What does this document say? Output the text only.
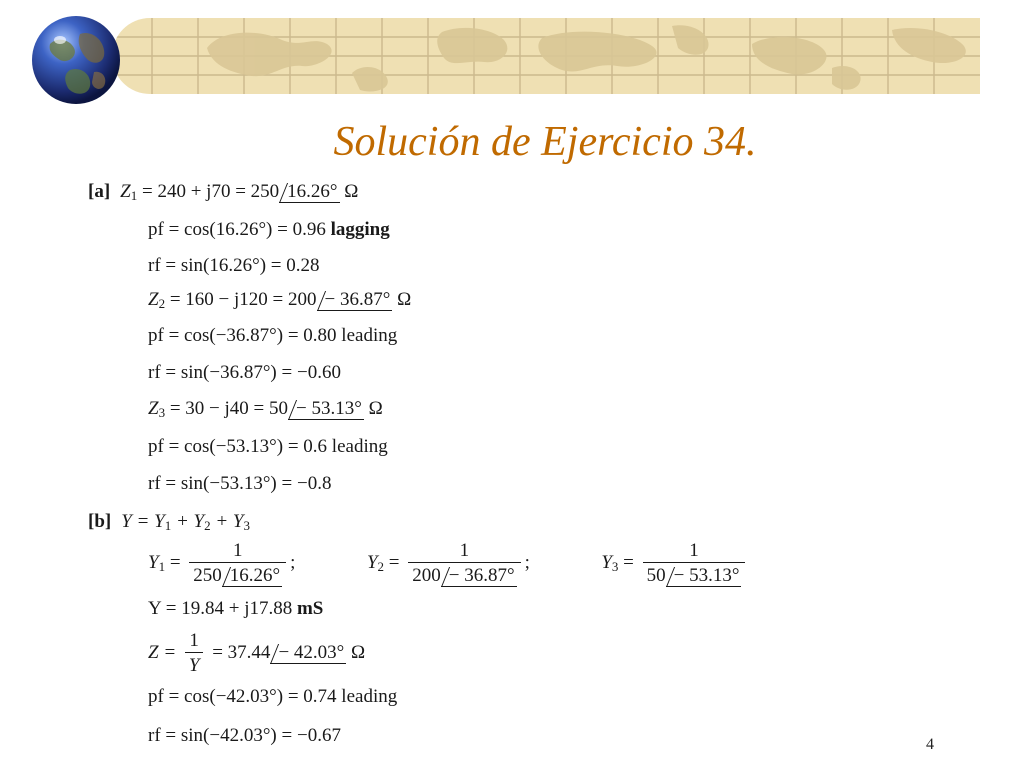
Solución de Ejercicio 34.
[a] $Z_1 = 240 + j70 = 250$ 16.26° Ω
pf = cos(16.26°) = 0.96 lagging
rf = sin(16.26°) = 0.28
$Z_2 = 160 - j120 = 200 - 36.87^\circ$ Ω
pf = cos(−36.87°) = 0.80 leading
rf = sin(−36.87°) = −0.60
$Z_3 = 30 - j40 = 50 - 53.13^\circ$ Ω
pf = cos(−53.13°) = 0.6 leading
rf = sin(−53.13°) = −0.8
[b] $Y = Y_1 + Y_2 + Y_3$
$Y_1 = \frac{1}{250 16.26^\circ}$ ;	$Y_2 = \frac{1}{200 - 36.87^\circ}$ ;	$Y_3 = \frac{1}{50 - 53.13^\circ}$
Y = 19.84 + j17.88 mS
$Z = \frac{1}{Y} = 37.44 - 42.03^\circ$ Ω
pf = cos(−42.03°) = 0.74 leading
rf = sin(−42.03°) = −0.67	4
